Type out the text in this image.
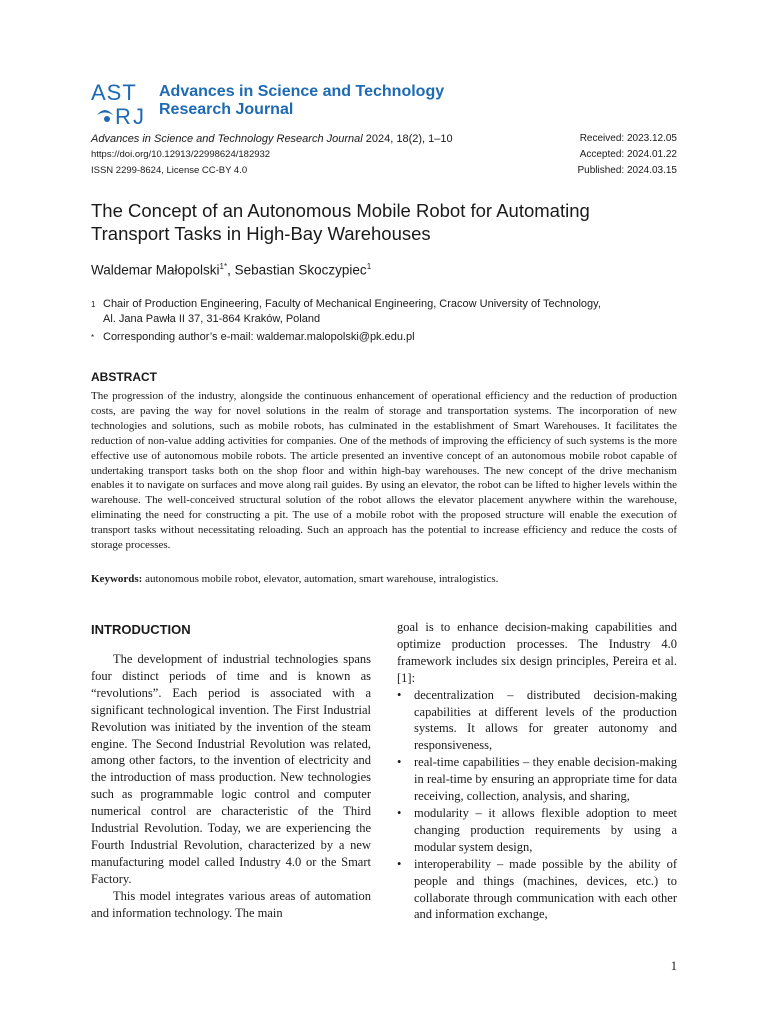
AST
R J
Advances in Science and Technology
Research Journal
Advances in Science and Technology Research Journal 2024, 18(2), 1–10
https://doi.org/10.12913/22998624/182932
ISSN 2299-8624, License CC-BY 4.0
Received: 2023.12.05
Accepted: 2024.01.22
Published: 2024.03.15
The Concept of an Autonomous Mobile Robot for Automating
Transport Tasks in High-Bay Warehouses
Waldemar Małopolski$^{1*}$, Sebastian Skoczypiec$^1$
1 Chair of Production Engineering, Faculty of Mechanical Engineering, Cracow University of Technology,
Al. Jana Pawła II 37, 31-864 Kraków, Poland
* Corresponding author’s e-mail: waldemar.malopolski@pk.edu.pl
ABSTRACT
The progression of the industry, alongside the continuous enhancement of operational efficiency and the reduction of production costs, are paving the way for novel solutions in the realm of storage and transportation systems. The incorporation of new technologies and solutions, such as mobile robots, has culminated in the establishment of Smart Warehouses. It facilitates the reduction of non-value adding activities for companies. One of the methods of improving the efficiency of such systems is the more effective use of autonomous mobile robots. The article presented an inventive concept of an autonomous mobile robot capable of undertaking transport tasks both on the shop floor and within high-bay warehouses. The new concept of the drive mechanism enables it to navigate on surfaces and move along rail guides. By using an elevator, the robot can be lifted to higher levels within the warehouse. The well-conceived structural solution of the robot allows the elevator placement anywhere within the warehouse, eliminating the need for constructing a pit. The use of a mobile robot with the proposed structure will enable the execution of transport tasks without necessitating reloading. Such an approach has the potential to increase efficiency and reduce the costs of storage processes.
Keywords: autonomous mobile robot, elevator, automation, smart warehouse, intralogistics.
INTRODUCTION

The development of industrial technologies spans four distinct periods of time and is known as “revolutions”. Each period is associated with a significant technological invention. The First Industrial Revolution was initiated by the invention of the steam engine. The Second Industrial Revolution was related, among other factors, to the invention of electricity and the introduction of mass production. New technologies such as programmable logic control and computer numerical control are characteristic of the Third Industrial Revolution. Today, we are experiencing the Fourth Industrial Revolution, characterized by a new manufacturing model called Industry 4.0 or the Smart Factory.

This model integrates various areas of automation and information technology. The main

goal is to enhance decision-making capabilities and optimize production processes. The Industry 4.0 framework includes six design principles, Pereira et al. [1]:

• decentralization – distributed decision-making capabilities at different levels of the production systems. It allows for greater autonomy and responsiveness,
• real-time capabilities – they enable decision-making in real-time by ensuring an appropriate time for data receiving, collection, analysis, and sharing,
• modularity – it allows flexible adoption to meet changing production requirements by using a modular system design,
• interoperability – made possible by the ability of people and things (machines, devices, etc.) to collaborate through communication with each other and information exchange,
1
